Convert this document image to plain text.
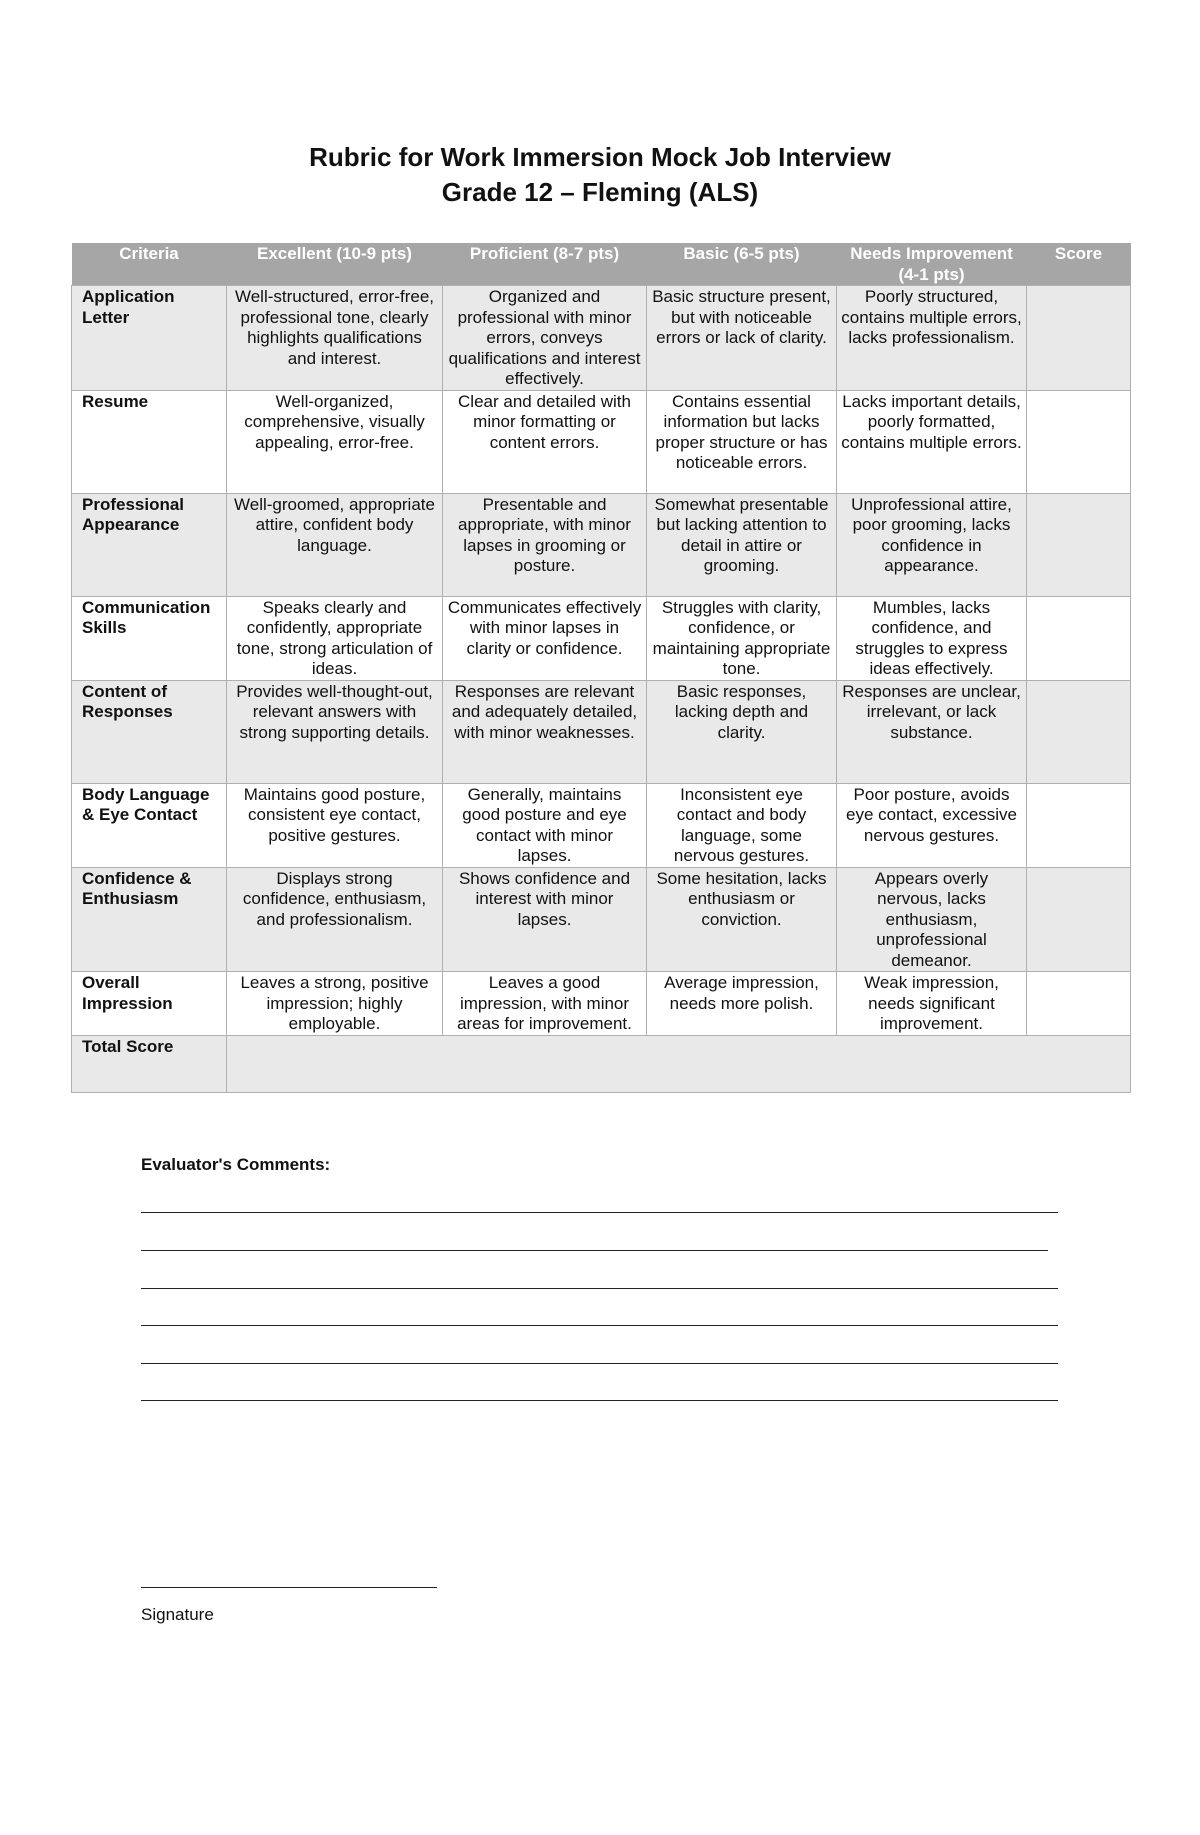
Rubric for Work Immersion Mock Job Interview
Grade 12 – Fleming (ALS)
Criteria	Excellent (10-9 pts)	Proficient (8-7 pts)	Basic (6-5 pts)	Needs Improvement (4-1 pts)	Score
Application Letter	Well-structured, error-free, professional tone, clearly highlights qualifications and interest.	Organized and professional with minor errors, conveys qualifications and interest effectively.	Basic structure present, but with noticeable errors or lack of clarity.	Poorly structured, contains multiple errors, lacks professionalism.	
Resume	Well-organized, comprehensive, visually appealing, error-free.	Clear and detailed with minor formatting or content errors.	Contains essential information but lacks proper structure or has noticeable errors.	Lacks important details, poorly formatted, contains multiple errors.	
Professional Appearance	Well-groomed, appropriate attire, confident body language.	Presentable and appropriate, with minor lapses in grooming or posture.	Somewhat presentable but lacking attention to detail in attire or grooming.	Unprofessional attire, poor grooming, lacks confidence in appearance.	
Communication Skills	Speaks clearly and confidently, appropriate tone, strong articulation of ideas.	Communicates effectively with minor lapses in clarity or confidence.	Struggles with clarity, confidence, or maintaining appropriate tone.	Mumbles, lacks confidence, and struggles to express ideas effectively.	
Content of Responses	Provides well-thought-out, relevant answers with strong supporting details.	Responses are relevant and adequately detailed, with minor weaknesses.	Basic responses, lacking depth and clarity.	Responses are unclear, irrelevant, or lack substance.	
Body Language & Eye Contact	Maintains good posture, consistent eye contact, positive gestures.	Generally, maintains good posture and eye contact with minor lapses.	Inconsistent eye contact and body language, some nervous gestures.	Poor posture, avoids eye contact, excessive nervous gestures.	
Confidence & Enthusiasm	Displays strong confidence, enthusiasm, and professionalism.	Shows confidence and interest with minor lapses.	Some hesitation, lacks enthusiasm or conviction.	Appears overly nervous, lacks enthusiasm, unprofessional demeanor.	
Overall Impression	Leaves a strong, positive impression; highly employable.	Leaves a good impression, with minor areas for improvement.	Average impression, needs more polish.	Weak impression, needs significant improvement.	
Total Score					
Evaluator's Comments:
Signature
